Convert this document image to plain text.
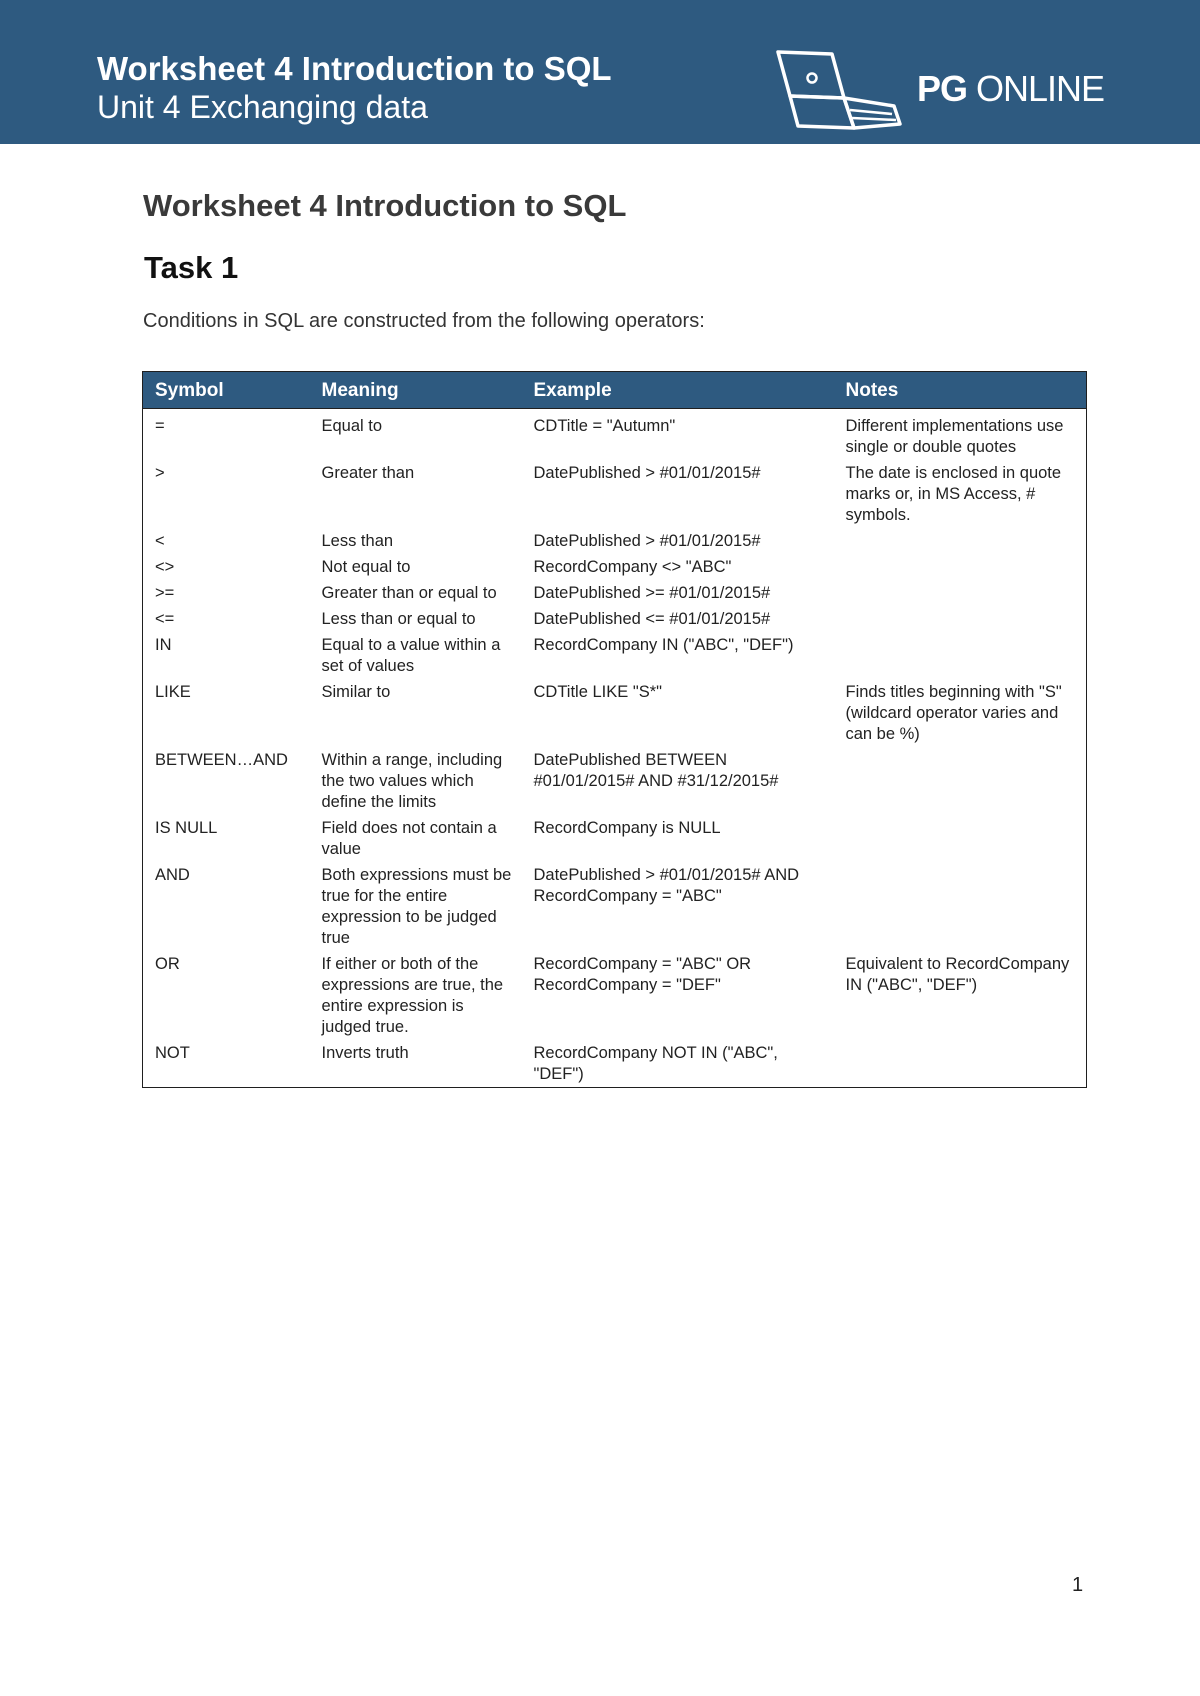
Worksheet 4 Introduction to SQL
Unit 4 Exchanging data	PG ONLINE
Worksheet 4 Introduction to SQL
Task 1
Conditions in SQL are constructed from the following operators:
Symbol	Meaning	Example	Notes
=	Equal to	CDTitle = "Autumn"	Different implementations use single or double quotes
>	Greater than	DatePublished > #01/01/2015#	The date is enclosed in quote marks or, in MS Access, # symbols.
<	Less than	DatePublished > #01/01/2015#	
<>	Not equal to	RecordCompany <> "ABC"	
>=	Greater than or equal to	DatePublished >= #01/01/2015#	
<=	Less than or equal to	DatePublished <= #01/01/2015#	
IN	Equal to a value within a set of values	RecordCompany IN ("ABC", "DEF")	
LIKE	Similar to	CDTitle LIKE "S*"	Finds titles beginning with "S" (wildcard operator varies and can be %)
BETWEEN…AND	Within a range, including the two values which define the limits	DatePublished BETWEEN #01/01/2015# AND #31/12/2015#	
IS NULL	Field does not contain a value	RecordCompany is NULL	
AND	Both expressions must be true for the entire expression to be judged true	DatePublished > #01/01/2015# AND RecordCompany = "ABC"	
OR	If either or both of the expressions are true, the entire expression is judged true.	RecordCompany = "ABC" OR RecordCompany = "DEF"	Equivalent to RecordCompany IN ("ABC", "DEF")
NOT	Inverts truth	RecordCompany NOT IN ("ABC", "DEF")	
1
